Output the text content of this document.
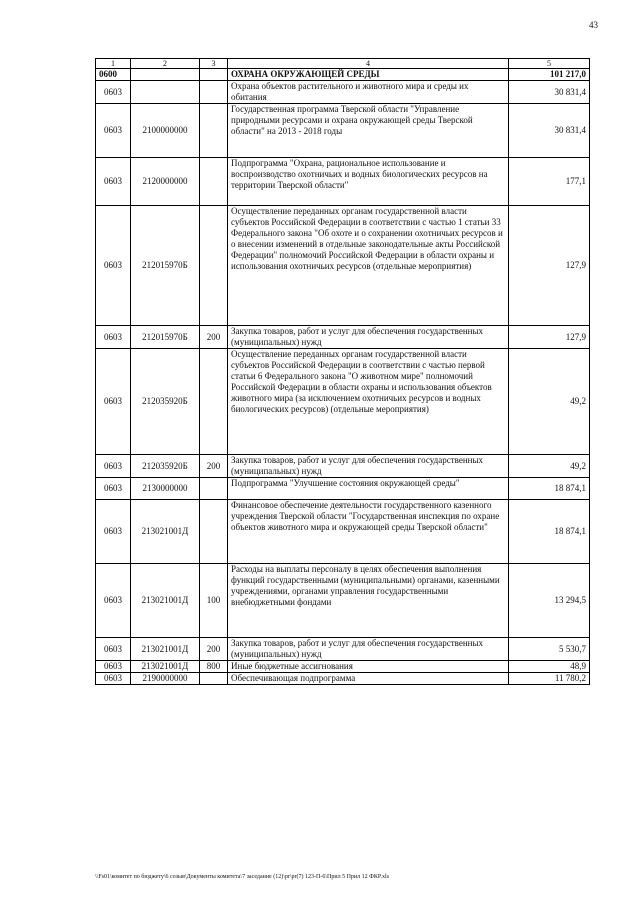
43
1	2	3	4	5
0600			ОХРАНА ОКРУЖАЮЩЕЙ СРЕДЫ	101 217,0
0603			Охрана объектов растительного и животного мира и среды их обитания	30 831,4
0603	2100000000		Государственная программа Тверской области "Управление природными ресурсами и охрана окружающей среды Тверской области" на 2013 - 2018 годы	30 831,4
0603	2120000000		Подпрограмма "Охрана, рациональное использование и воспроизводство охотничьих и водных биологических ресурсов на территории Тверской области"	177,1
0603	212015970Б		Осуществление переданных органам государственной власти субъектов Российской Федерации в соответствии с частью 1 статьи 33 Федерального закона "Об охоте и о сохранении охотничьих ресурсов и о внесении изменений в отдельные законодательные акты Российской Федерации" полномочий Российской Федерации в области охраны и использования охотничьих ресурсов (отдельные мероприятия)	127,9
0603	212015970Б	200	Закупка товаров, работ и услуг для обеспечения государственных (муниципальных) нужд	127,9
0603	212035920Б		Осуществление переданных органам государственной власти субъектов Российской Федерации в соответствии с частью первой статьи 6 Федерального закона "О животном мире" полномочий Российской Федерации в области охраны и использования объектов животного мира (за исключением охотничьих ресурсов и водных биологических ресурсов) (отдельные мероприятия)	49,2
0603	212035920Б	200	Закупка товаров, работ и услуг для обеспечения государственных (муниципальных) нужд	49,2
0603	2130000000		Подпрограмма "Улучшение состояния окружающей среды"	18 874,1
0603	213021001Д		Финансовое обеспечение деятельности государственного казенного учреждения Тверской области "Государственная инспекция по охране объектов животного мира и окружающей среды Тверской области"	18 874,1
0603	213021001Д	100	Расходы на выплаты персоналу в целях обеспечения выполнения функций государственными (муниципальными) органами, казенными учреждениями, органами управления государственными внебюджетными фондами	13 294,5
0603	213021001Д	200	Закупка товаров, работ и услуг для обеспечения государственных (муниципальных) нужд	5 530,7
0603	213021001Д	800	Иные бюджетные ассигнования	48,9
0603	2190000000		Обеспечивающая подпрограмма	11 780,2
\\Fs01\комитет по бюджету\6 созыв\Документы комитета\7 заседание (12)\pr\pr(7) 123-П-6\Прил 5 Прил 12 ФКР.xls
